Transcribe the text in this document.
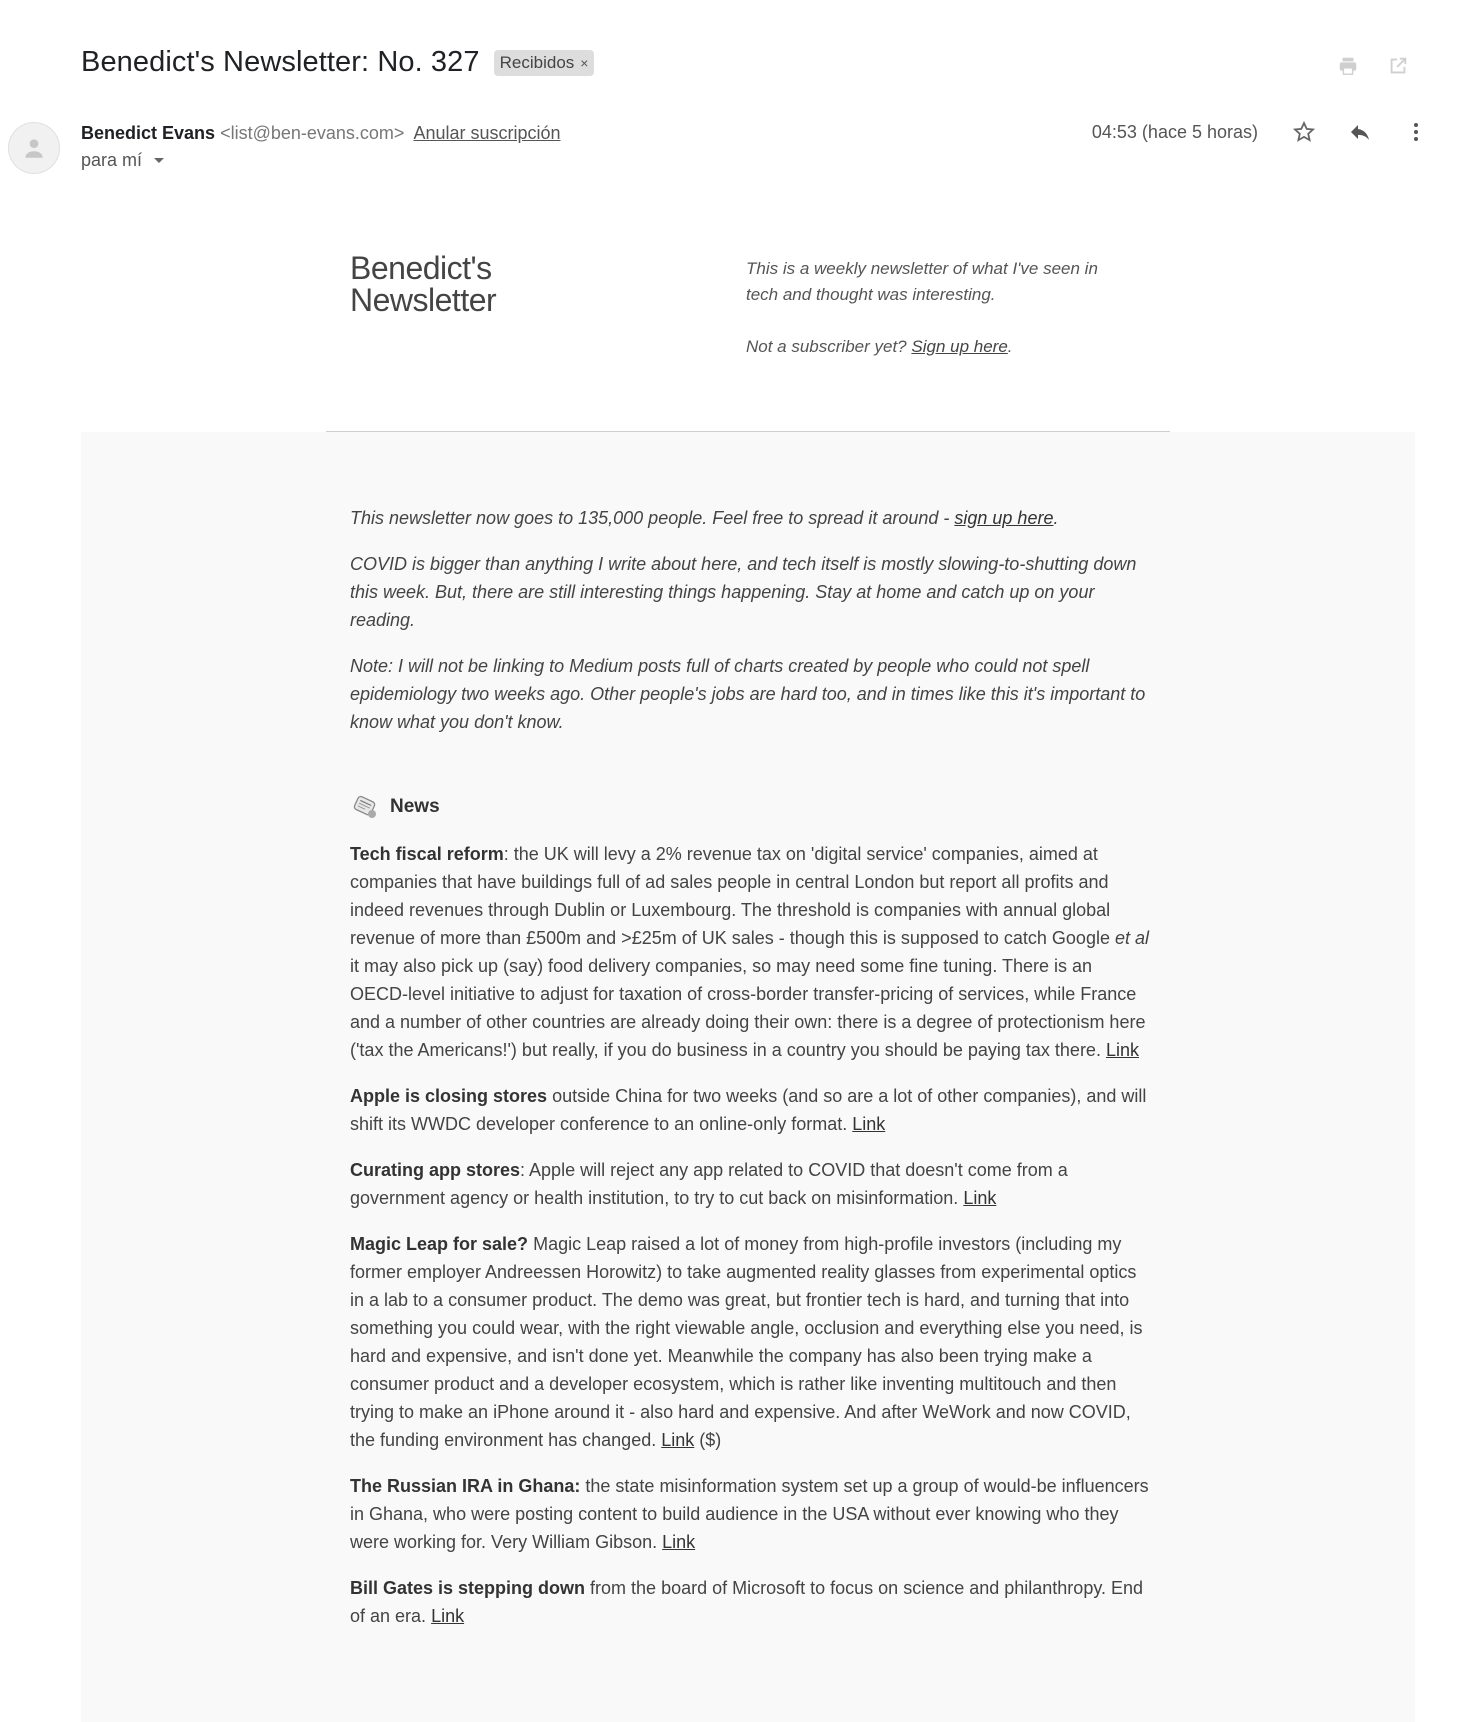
Benedict's Newsletter: No. 327 Recibidos ×
Benedict Evans <list@ben-evans.com> Anular suscripción
para mí
04:53 (hace 5 horas)
Benedict's
Newsletter

This is a weekly newsletter of what I've seen in tech and thought was interesting.

Not a subscriber yet? Sign up here.

This newsletter now goes to 135,000 people. Feel free to spread it around - sign up here.

COVID is bigger than anything I write about here, and tech itself is mostly slowing-to-shutting down this week. But, there are still interesting things happening. Stay at home and catch up on your reading.

Note: I will not be linking to Medium posts full of charts created by people who could not spell epidemiology two weeks ago. Other people's jobs are hard too, and in times like this it's important to know what you don't know.

News

Tech fiscal reform: the UK will levy a 2% revenue tax on 'digital service' companies, aimed at companies that have buildings full of ad sales people in central London but report all profits and indeed revenues through Dublin or Luxembourg. The threshold is companies with annual global revenue of more than £500m and >£25m of UK sales - though this is supposed to catch Google et al it may also pick up (say) food delivery companies, so may need some fine tuning. There is an OECD-level initiative to adjust for taxation of cross-border transfer-pricing of services, while France and a number of other countries are already doing their own: there is a degree of protectionism here ('tax the Americans!') but really, if you do business in a country you should be paying tax there. Link

Apple is closing stores outside China for two weeks (and so are a lot of other companies), and will shift its WWDC developer conference to an online-only format. Link

Curating app stores: Apple will reject any app related to COVID that doesn't come from a government agency or health institution, to try to cut back on misinformation. Link

Magic Leap for sale? Magic Leap raised a lot of money from high-profile investors (including my former employer Andreessen Horowitz) to take augmented reality glasses from experimental optics in a lab to a consumer product. The demo was great, but frontier tech is hard, and turning that into something you could wear, with the right viewable angle, occlusion and everything else you need, is hard and expensive, and isn't done yet. Meanwhile the company has also been trying make a consumer product and a developer ecosystem, which is rather like inventing multitouch and then trying to make an iPhone around it - also hard and expensive. And after WeWork and now COVID, the funding environment has changed. Link ($)

The Russian IRA in Ghana: the state misinformation system set up a group of would-be influencers in Ghana, who were posting content to build audience in the USA without ever knowing who they were working for. Very William Gibson. Link

Bill Gates is stepping down from the board of Microsoft to focus on science and philanthropy. End of an era. Link
